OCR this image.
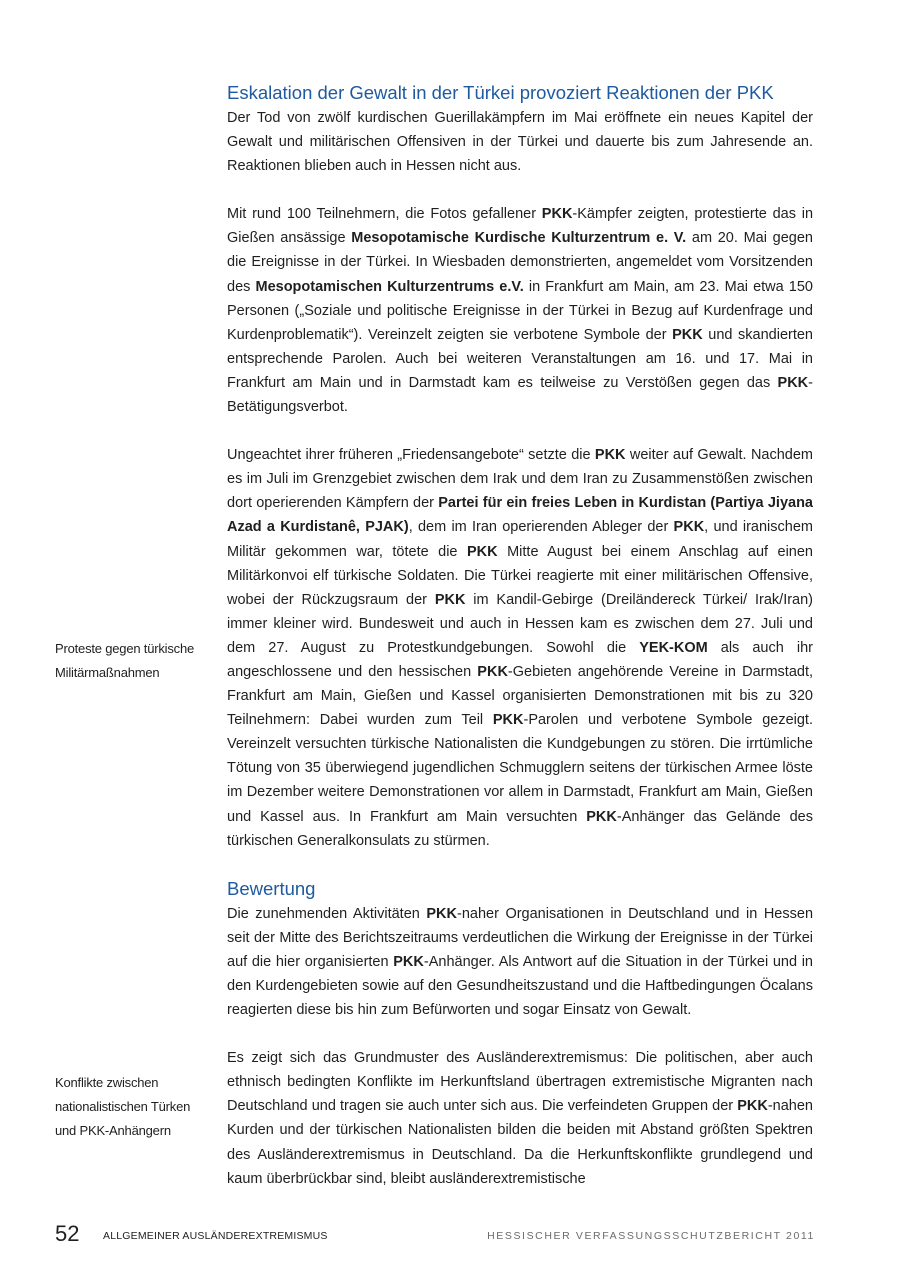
Eskalation der Gewalt in der Türkei provoziert Reaktionen der PKK

Der Tod von zwölf kurdischen Guerillakämpfern im Mai eröffnete ein neues Kapitel der Gewalt und militärischen Offensiven in der Türkei und dauerte bis zum Jahresende an. Reaktionen blieben auch in Hessen nicht aus.

Mit rund 100 Teilnehmern, die Fotos gefallener PKK-Kämpfer zeigten, protestierte das in Gießen ansässige Mesopotamische Kurdische Kulturzentrum e. V. am 20. Mai gegen die Ereignisse in der Türkei. In Wiesbaden demonstrierten, angemeldet vom Vorsitzenden des Mesopotamischen Kulturzentrums e.V. in Frankfurt am Main, am 23. Mai etwa 150 Personen („Soziale und politische Ereignisse in der Türkei in Bezug auf Kurdenfrage und Kurdenproblematik“). Vereinzelt zeigten sie verbotene Symbole der PKK und skandierten entsprechende Parolen. Auch bei weiteren Veranstaltungen am 16. und 17. Mai in Frankfurt am Main und in Darmstadt kam es teilweise zu Verstößen gegen das PKK-Betätigungsverbot.

Ungeachtet ihrer früheren „Friedensangebote“ setzte die PKK weiter auf Gewalt. Nachdem es im Juli im Grenzgebiet zwischen dem Irak und dem Iran zu Zusammenstößen zwischen dort operierenden Kämpfern der Partei für ein freies Leben in Kurdistan (Partiya Jiyana Azad a Kurdistanê, PJAK), dem im Iran operierenden Ableger der PKK, und iranischem Militär gekommen war, tötete die PKK Mitte August bei einem Anschlag auf einen Militärkonvoi elf türkische Soldaten. Die Türkei reagierte mit einer militärischen Offensive, wobei der Rückzugsraum der PKK im Kandil-Gebirge (Dreiländereck Türkei/ Irak/Iran) immer kleiner wird. Bundesweit und auch in Hessen kam es zwischen dem 27. Juli und dem 27. August zu Protestkundgebungen. Sowohl die YEK-KOM als auch ihr angeschlossene und den hessischen PKK-Gebieten angehörende Vereine in Darmstadt, Frankfurt am Main, Gießen und Kassel organisierten Demonstrationen mit bis zu 320 Teilnehmern: Dabei wurden zum Teil PKK-Parolen und verbotene Symbole gezeigt. Vereinzelt versuchten türkische Nationalisten die Kundgebungen zu stören. Die irrtümliche Tötung von 35 überwiegend jugendlichen Schmugglern seitens der türkischen Armee löste im Dezember weitere Demonstrationen vor allem in Darmstadt, Frankfurt am Main, Gießen und Kassel aus. In Frankfurt am Main versuchten PKK-Anhänger das Gelände des türkischen Generalkonsulats zu stürmen.

Bewertung

Die zunehmenden Aktivitäten PKK-naher Organisationen in Deutschland und in Hessen seit der Mitte des Berichtszeitraums verdeutlichen die Wirkung der Ereignisse in der Türkei auf die hier organisierten PKK-Anhänger. Als Antwort auf die Situation in der Türkei und in den Kurdengebieten sowie auf den Gesundheitszustand und die Haftbedingungen Öcalans reagierten diese bis hin zum Befürworten und sogar Einsatz von Gewalt.

Es zeigt sich das Grundmuster des Ausländerextremismus: Die politischen, aber auch ethnisch bedingten Konflikte im Herkunftsland übertragen extremistische Migranten nach Deutschland und tragen sie auch unter sich aus. Die verfeindeten Gruppen der PKK-nahen Kurden und der türkischen Nationalisten bilden die beiden mit Abstand größten Spektren des Ausländerextremismus in Deutschland. Da die Herkunftskonflikte grundlegend und kaum überbrückbar sind, bleibt ausländerextremistische

Proteste gegen türkische
Militärmaßnahmen
Konflikte zwischen
nationalistischen Türken
und PKK-Anhängern
52 ALLGEMEINER AUSLÄNDEREXTREMISMUS	HESSISCHER VERFASSUNGSSCHUTZBERICHT 2011
